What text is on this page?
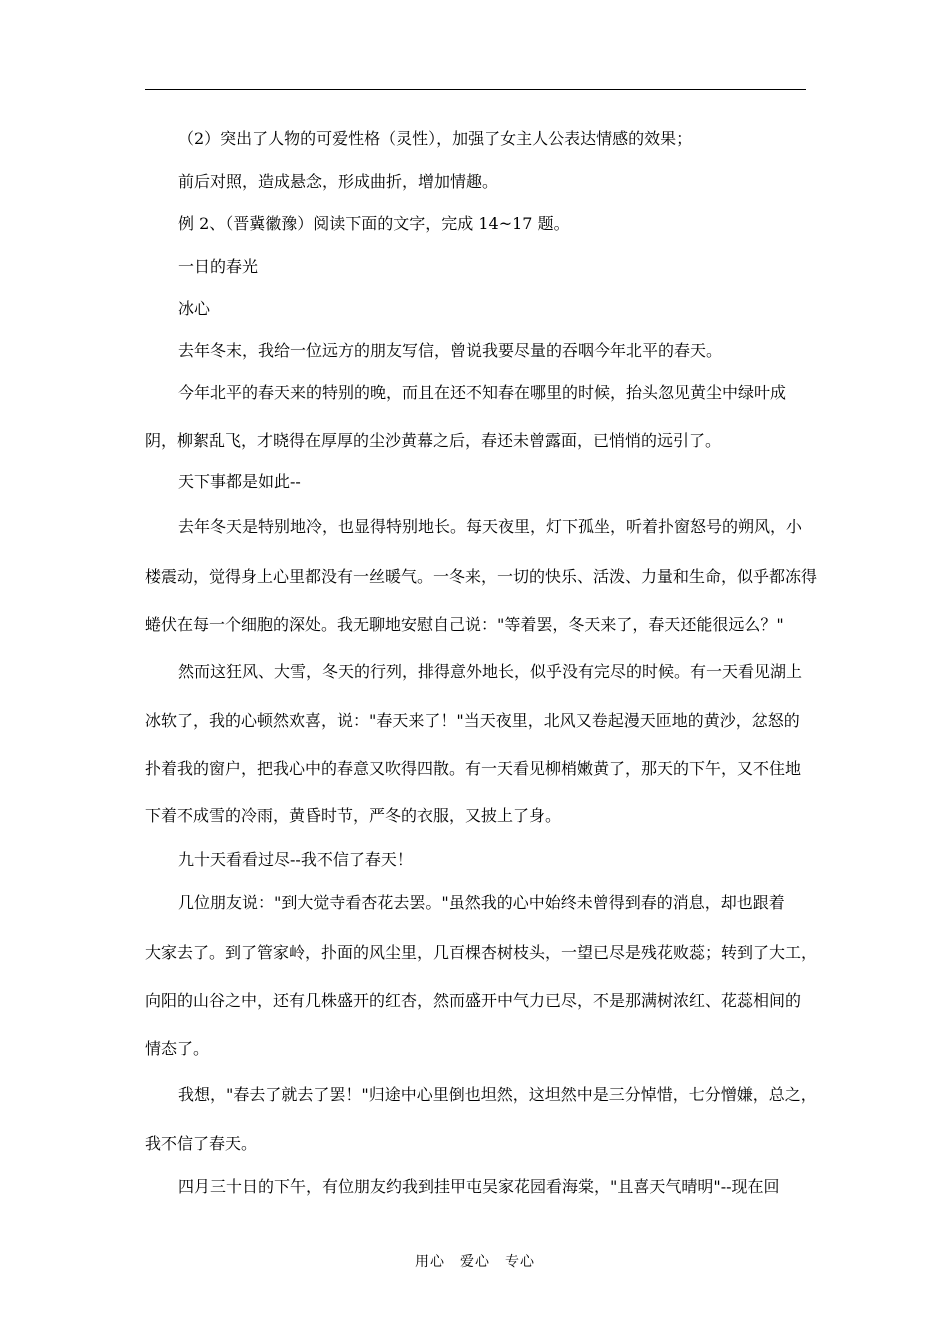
（2）突出了人物的可爱性格（灵性），加强了女主人公表达情感的效果；
前后对照，造成悬念，形成曲折，增加情趣。
例 2、（晋冀徽豫）阅读下面的文字，完成 14~17 题。
一日的春光
冰心
去年冬末，我给一位远方的朋友写信，曾说我要尽量的吞咽今年北平的春天。
今年北平的春天来的特别的晚，而且在还不知春在哪里的时候，抬头忽见黄尘中绿叶成
阴，柳絮乱飞，才晓得在厚厚的尘沙黄幕之后，春还未曾露面，已悄悄的远引了。
天下事都是如此--
去年冬天是特别地冷，也显得特别地长。每天夜里，灯下孤坐，听着扑窗怒号的朔风，小
楼震动，觉得身上心里都没有一丝暖气。一冬来，一切的快乐、活泼、力量和生命，似乎都冻得
蜷伏在每一个细胞的深处。我无聊地安慰自己说："等着罢，冬天来了，春天还能很远么？"
然而这狂风、大雪，冬天的行列，排得意外地长，似乎没有完尽的时候。有一天看见湖上
冰软了，我的心顿然欢喜，说："春天来了！"当天夜里，北风又卷起漫天匝地的黄沙，忿怒的
扑着我的窗户，把我心中的春意又吹得四散。有一天看见柳梢嫩黄了，那天的下午，又不住地
下着不成雪的冷雨，黄昏时节，严冬的衣服，又披上了身。
九十天看看过尽--我不信了春天！
几位朋友说："到大觉寺看杏花去罢。"虽然我的心中始终未曾得到春的消息，却也跟着
大家去了。到了管家岭，扑面的风尘里，几百棵杏树枝头，一望已尽是残花败蕊；转到了大工，
向阳的山谷之中，还有几株盛开的红杏，然而盛开中气力已尽，不是那满树浓红、花蕊相间的
情态了。
我想，"春去了就去了罢！"归途中心里倒也坦然，这坦然中是三分悼惜，七分憎嫌，总之，
我不信了春天。
四月三十日的下午，有位朋友约我到挂甲屯吴家花园看海棠，"且喜天气晴明"--现在回
用心　爱心　专心
